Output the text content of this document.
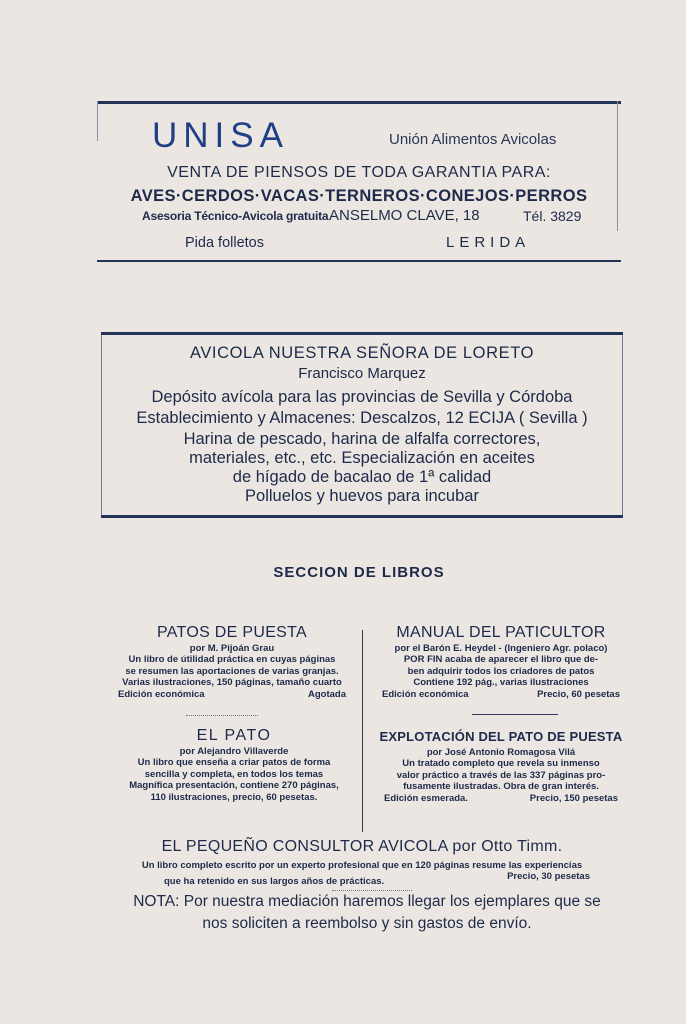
UNISA	Unión Alimentos Avicolas
VENTA DE PIENSOS DE TODA GARANTIA PARA:
AVES·CERDOS·VACAS·TERNEROS·CONEJOS·PERROS
Asesoria Técnico-Avicola gratuita ANSELMO CLAVE, 18	Tél. 3829
Pida folletos	LERIDA
AVICOLA NUESTRA SEÑORA DE LORETO
Francisco Marquez
Depósito avícola para las provincias de Sevilla y Córdoba
Establecimiento y Almacenes: Descalzos, 12 ECIJA ( Sevilla )
Harina de pescado, harina de alfalfa correctores,
materiales, etc., etc. Especialización en aceites
de hígado de bacalao de 1ª calidad
Polluelos y huevos para incubar
SECCION DE LIBROS
PATOS DE PUESTA
por M. Pijoán Grau
Un libro de útilidad práctica en cuyas páginas
se resumen las aportaciones de varias granjas.
Varias ilustraciones, 150 páginas, tamaño cuarto
Edición económica	Agotada
MANUAL DEL PATICULTOR
por el Barón E. Heydel - (Ingeniero Agr. polaco)
POR FIN acaba de aparecer el libro que de-
ben adquirir todos los criadores de patos
Contiene 192 pág., varias ilustraciones
Edición económica	Precio, 60 pesetas
EL PATO
por Alejandro Villaverde
Un libro que enseña a criar patos de forma
sencilla y completa, en todos los temas
Magnífica presentación, contiene 270 páginas,
110 ilustraciones, precio, 60 pesetas.
EXPLOTACIÓN DEL PATO DE PUESTA
por José Antonio Romagosa Vilá
Un tratado completo que revela su inmenso
valor práctico a través de las 337 páginas pro-
fusamente ilustradas. Obra de gran interés.
Edición esmerada.	Precio, 150 pesetas
EL PEQUEÑO CONSULTOR AVICOLA por Otto Timm.
Un libro completo escrito por un experto profesional que en 120 páginas resume las experiencias
que ha retenido en sus largos años de prácticas.	Precio, 30 pesetas
NOTA: Por nuestra mediación haremos llegar los ejemplares que se
nos soliciten a reembolso y sin gastos de envío.
